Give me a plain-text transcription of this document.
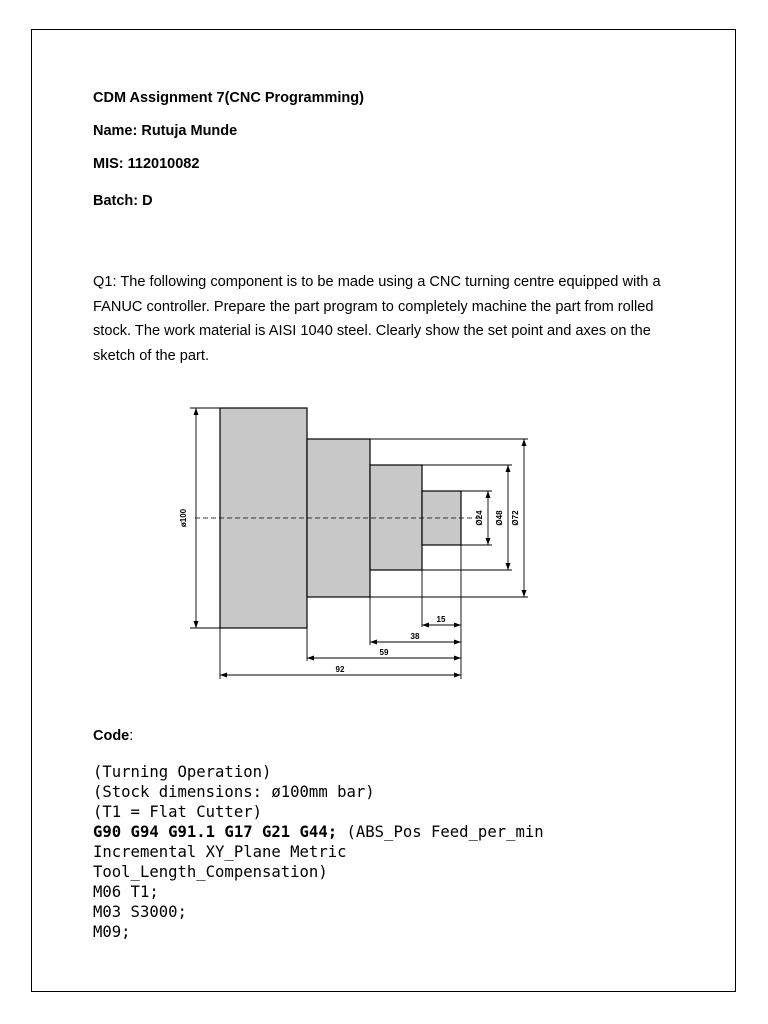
CDM Assignment 7(CNC Programming)
Name: Rutuja Munde
MIS: 112010082
Batch: D
Q1: The following component is to be made using a CNC turning centre equipped with a FANUC controller. Prepare the part program to completely machine the part from rolled stock. The work material is AISI 1040 steel. Clearly show the set point and axes on the sketch of the part.
ø100	Ø24 Ø48 Ø72
15
38
59
92
Code:
(Turning Operation)
(Stock dimensions: ø100mm bar)
(T1 = Flat Cutter)
G90 G94 G91.1 G17 G21 G44; (ABS_Pos Feed_per_min
Incremental XY_Plane Metric
Tool_Length_Compensation)
M06 T1;
M03 S3000;
M09;
